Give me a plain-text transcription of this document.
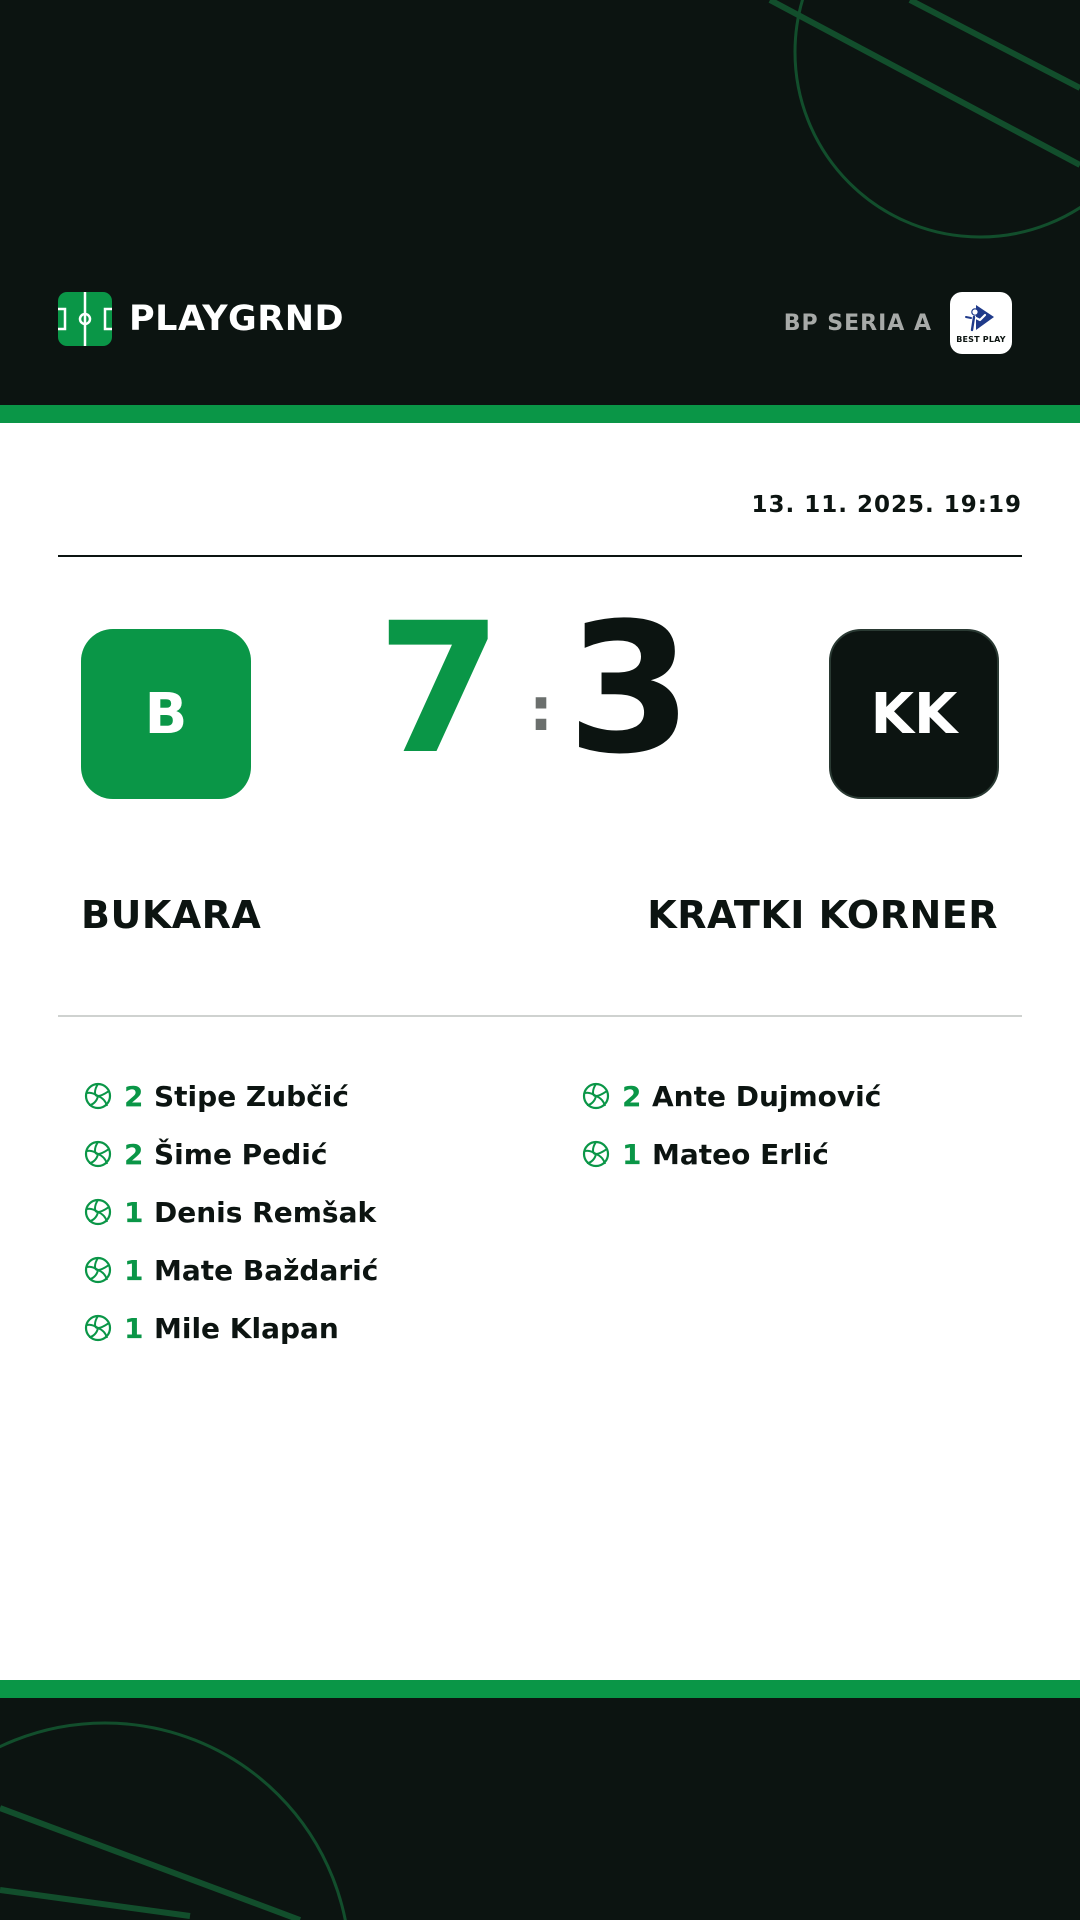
PLAYGRND	BP SERIA A
BEST PLAY
13. 11. 2025. 19:19
B 7 : 3	KK
BUKARA	KRATKI KORNER
2 Stipe Zubčić
2 Šime Pedić
1 Denis Remšak
1 Mate Baždarić
1 Mile Klapan
2 Ante Dujmović
1 Mateo Erlić
